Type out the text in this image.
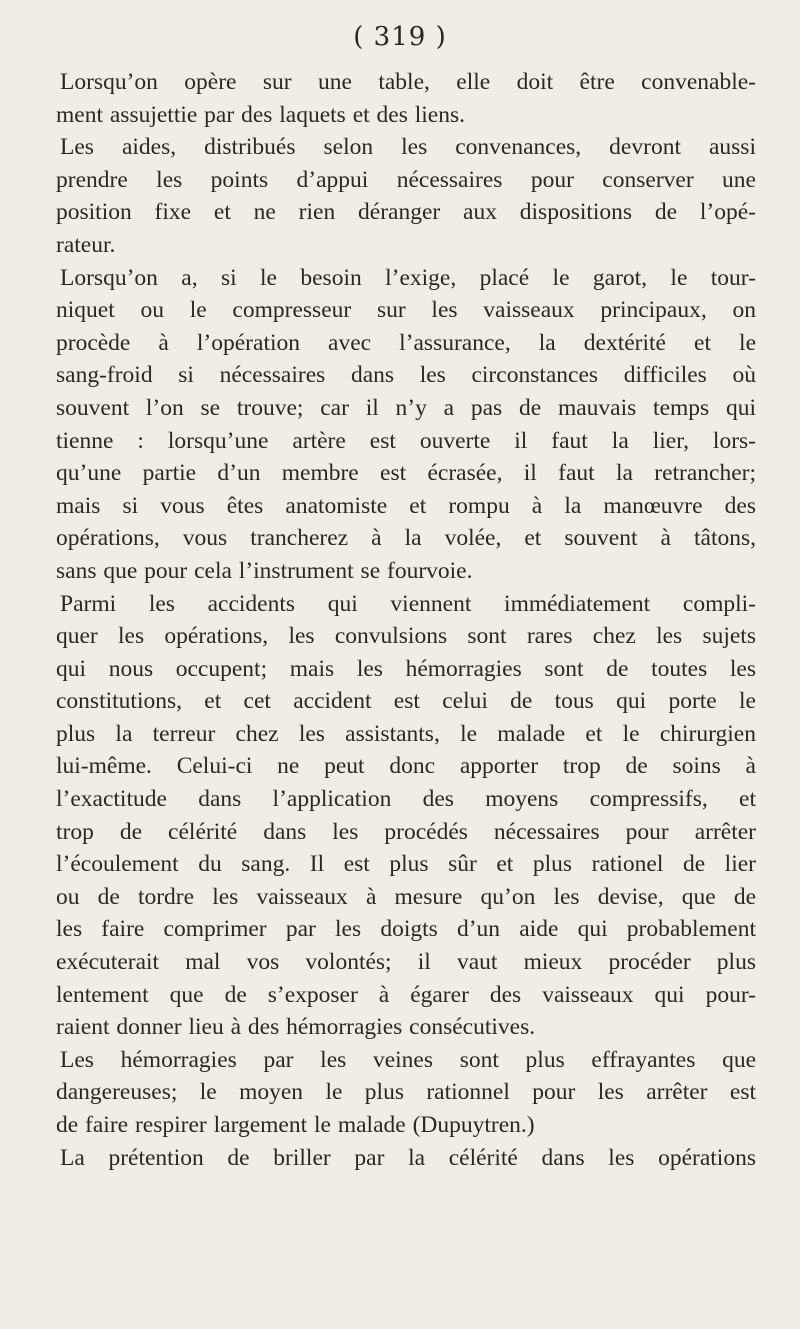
( 319 )

Lorsqu’on opère sur une table, elle doit être convenable-
ment assujettie par des laquets et des liens.

Les aides, distribués selon les convenances, devront aussi
prendre les points d’appui nécessaires pour conserver une
position fixe et ne rien déranger aux dispositions de l’opé-
rateur.

Lorsqu’on a, si le besoin l’exige, placé le garot, le tour-
niquet ou le compresseur sur les vaisseaux principaux, on
procède à l’opération avec l’assurance, la dextérité et le
sang-froid si nécessaires dans les circonstances difficiles où
souvent l’on se trouve; car il n’y a pas de mauvais temps qui
tienne : lorsqu’une artère est ouverte il faut la lier, lors-
qu’une partie d’un membre est écrasée, il faut la retrancher;
mais si vous êtes anatomiste et rompu à la manœuvre des
opérations, vous trancherez à la volée, et souvent à tâtons,
sans que pour cela l’instrument se fourvoie.

Parmi les accidents qui viennent immédiatement compli-
quer les opérations, les convulsions sont rares chez les sujets
qui nous occupent; mais les hémorragies sont de toutes les
constitutions, et cet accident est celui de tous qui porte le
plus la terreur chez les assistants, le malade et le chirurgien
lui-même. Celui-ci ne peut donc apporter trop de soins à
l’exactitude dans l’application des moyens compressifs, et
trop de célérité dans les procédés nécessaires pour arrêter
l’écoulement du sang. Il est plus sûr et plus rationel de lier
ou de tordre les vaisseaux à mesure qu’on les devise, que de
les faire comprimer par les doigts d’un aide qui probablement
exécuterait mal vos volontés; il vaut mieux procéder plus
lentement que de s’exposer à égarer des vaisseaux qui pour-
raient donner lieu à des hémorragies consécutives.

Les hémorragies par les veines sont plus effrayantes que
dangereuses; le moyen le plus rationnel pour les arrêter est
de faire respirer largement le malade (Dupuytren.)

La prétention de briller par la célérité dans les opérations
